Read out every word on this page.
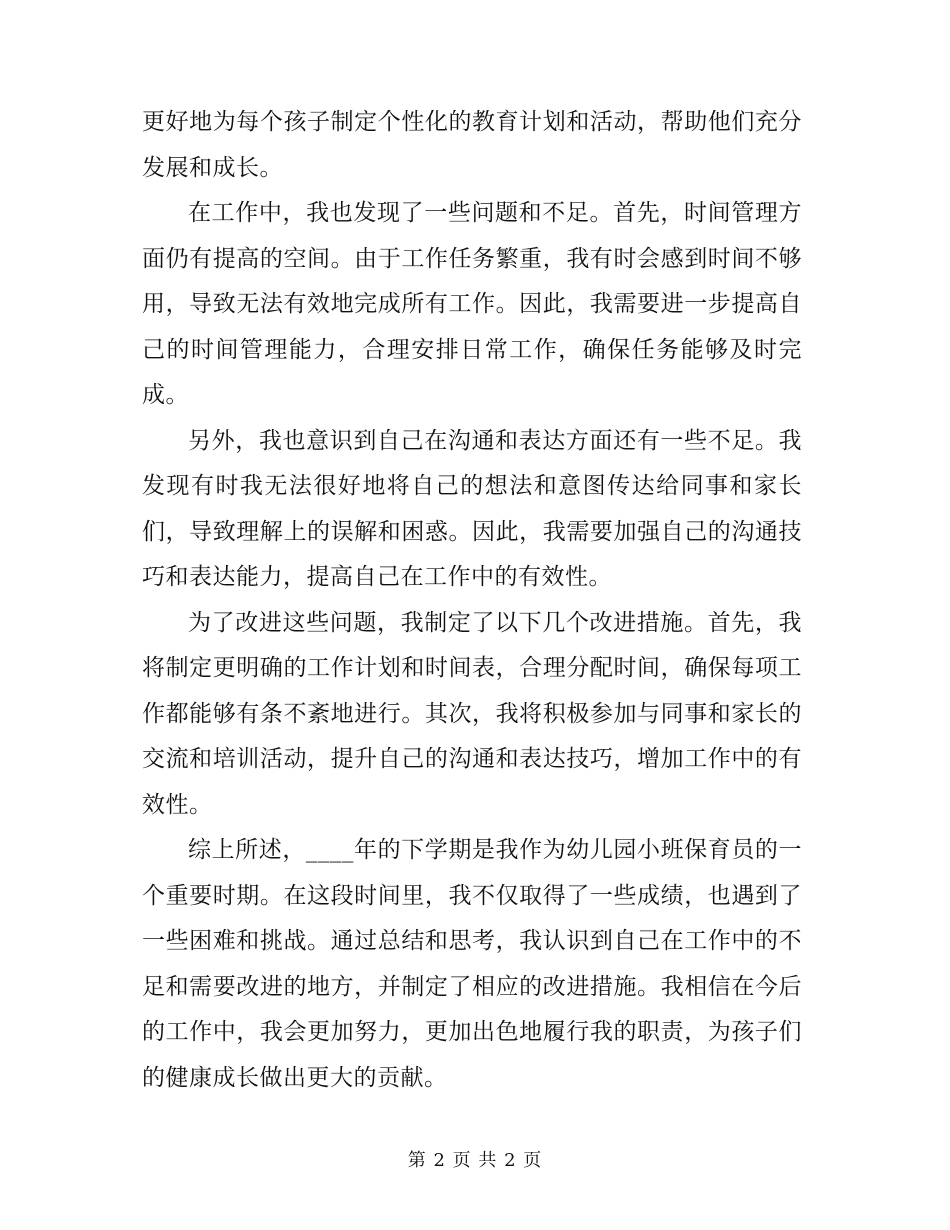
更好地为每个孩子制定个性化的教育计划和活动，帮助他们充分发展和成长。

在工作中，我也发现了一些问题和不足。首先，时间管理方面仍有提高的空间。由于工作任务繁重，我有时会感到时间不够用，导致无法有效地完成所有工作。因此，我需要进一步提高自己的时间管理能力，合理安排日常工作，确保任务能够及时完成。

另外，我也意识到自己在沟通和表达方面还有一些不足。我发现有时我无法很好地将自己的想法和意图传达给同事和家长们，导致理解上的误解和困惑。因此，我需要加强自己的沟通技巧和表达能力，提高自己在工作中的有效性。

为了改进这些问题，我制定了以下几个改进措施。首先，我将制定更明确的工作计划和时间表，合理分配时间，确保每项工作都能够有条不紊地进行。其次，我将积极参加与同事和家长的交流和培训活动，提升自己的沟通和表达技巧，增加工作中的有效性。

综上所述，____年的下学期是我作为幼儿园小班保育员的一个重要时期。在这段时间里，我不仅取得了一些成绩，也遇到了一些困难和挑战。通过总结和思考，我认识到自己在工作中的不足和需要改进的地方，并制定了相应的改进措施。我相信在今后的工作中，我会更加努力，更加出色地履行我的职责，为孩子们的健康成长做出更大的贡献。

第 2 页 共 2 页
